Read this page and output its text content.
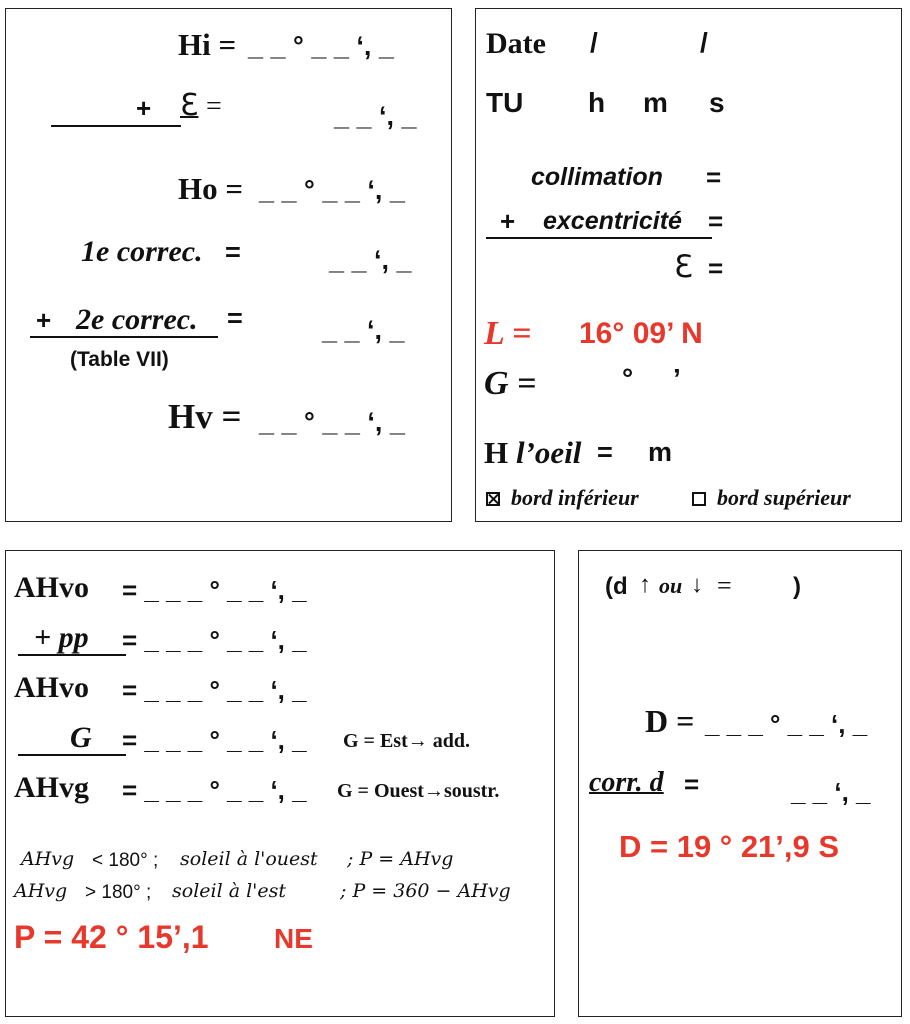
Hi = _ _ ° _ _ ‘, _
+ ℇ =	_ _ ‘, _
Ho = _ _ ° _ _ ‘, _
1e correc. =	_ _ ‘, _
+ 2e correc. =	_ _ ‘, _
(Table VII)
Hv = _ _ ° _ _ ‘, _
Date /	/
TU h m s
collimation =
+ excentricité =
ℇ =
L = 16° 09’ N
G =	° ’
H l’oeil = m
bord inférieur	bord supérieur
AHvo = _ _ _ ° _ _ ‘, _
+ pp = _ _ _ ° _ _ ‘, _
AHvo = _ _ _ ° _ _ ‘, _
G = _ _ _ ° _ _ ‘, _ G = Est→ add.
AHvg = _ _ _ ° _ _ ‘, _ G = Ouest→soustr.
AHvg < 180° ; soleil à l'ouest ; P = AHvg
AHvg > 180° ; soleil à l'est	; P = 360 − AHvg
P = 42 ° 15’,1 NE
(d ↑ ou ↓ =	)
D = _ _ _ ° _ _ ‘, _
corr. d =	_ _ ‘, _
D = 19 ° 21’,9 S
